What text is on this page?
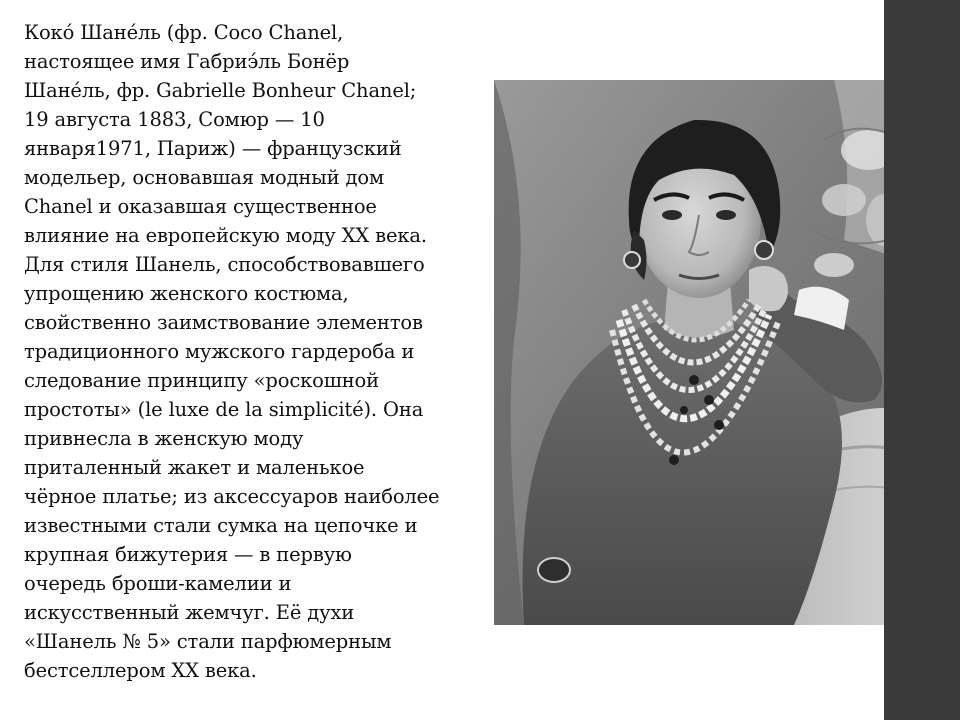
Коко́ Шане́ль (фр. Coco Chanel,
настоящее имя Габриэ́ль Бонёр
Шане́ль, фр. Gabrielle Bonheur Chanel;
19 августа 1883, Сомюр — 10
января1971, Париж) — французский
модельер, основавшая модный дом
Chanel и оказавшая существенное
влияние на европейскую моду XX века.
Для стиля Шанель, способствовавшего
упрощению женского костюма,
свойственно заимствование элементов
традиционного мужского гардероба и
следование принципу «роскошной
простоты» (le luxe de la simplicité). Она
привнесла в женскую моду
приталенный жакет и маленькое
чёрное платье; из аксессуаров наиболее
известными стали сумка на цепочке и
крупная бижутерия — в первую
очередь броши-камелии и
искусственный жемчуг. Её духи
«Шанель № 5» стали парфюмерным
бестселлером XX века.
